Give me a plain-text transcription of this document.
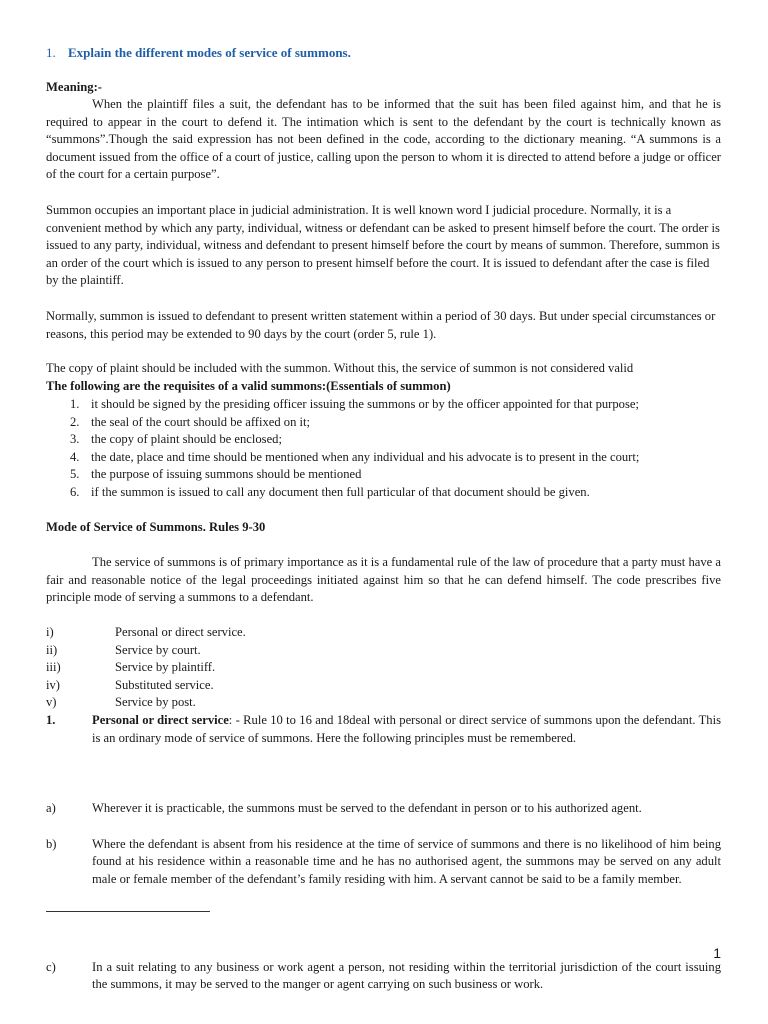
1. Explain the different modes of service of summons.
Meaning:-

When the plaintiff files a suit, the defendant has to be informed that the suit has been filed against him, and that he is required to appear in the court to defend it. The intimation which is sent to the defendant by the court is technically known as “summons”.Though the said expression has not been defined in the code, according to the dictionary meaning. “A summons is a document issued from the office of a court of justice, calling upon the person to whom it is directed to attend before a judge or officer of the court for a certain purpose”.

Summon occupies an important place in judicial administration. It is well known word I judicial procedure. Normally, it is a convenient method by which any party, individual, witness or defendant can be asked to present himself before the court. The order is issued to any party, individual, witness and defendant to present himself before the court by means of summon. Therefore, summon is an order of the court which is issued to any person to present himself before the court. It is issued to defendant after the case is filed by the plaintiff.

Normally, summon is issued to defendant to present written statement within a period of 30 days. But under special circumstances or reasons, this period may be extended to 90 days by the court (order 5, rule 1).

The copy of plaint should be included with the summon. Without this, the service of summon is not considered valid

The following are the requisites of a valid summons:(Essentials of summon)
1. it should be signed by the presiding officer issuing the summons or by the officer appointed for that purpose;
2. the seal of the court should be affixed on it;
3. the copy of plaint should be enclosed;
4. the date, place and time should be mentioned when any individual and his advocate is to present in the court;
5. the purpose of issuing summons should be mentioned
6. if the summon is issued to call any document then full particular of that document should be given.
Mode of Service of Summons. Rules 9-30

The service of summons is of primary importance as it is a fundamental rule of the law of procedure that a party must have a fair and reasonable notice of the legal proceedings initiated against him so that he can defend himself. The code prescribes five principle mode of serving a summons to a defendant.

i)	Personal or direct service.
ii)	Service by court.
iii)	Service by plaintiff.
iv)	Substituted service.
v)	Service by post.
1.	Personal or direct service: - Rule 10 to 16 and 18deal with personal or direct service of summons upon the defendant. This is an ordinary mode of service of summons. Here the following principles must be remembered.
a)	Wherever it is practicable, the summons must be served to the defendant in person or to his authorized agent.
b)	Where the defendant is absent from his residence at the time of service of summons and there is no likelihood of him being found at his residence within a reasonable time and he has no authorised agent, the summons may be served on any adult male or female member of the defendant’s family residing with him. A servant cannot be said to be a family member.
c)	In a suit relating to any business or work agent a person, not residing within the territorial jurisdiction of the court issuing the summons, it may be served to the manger or agent carrying on such business or work.
1
